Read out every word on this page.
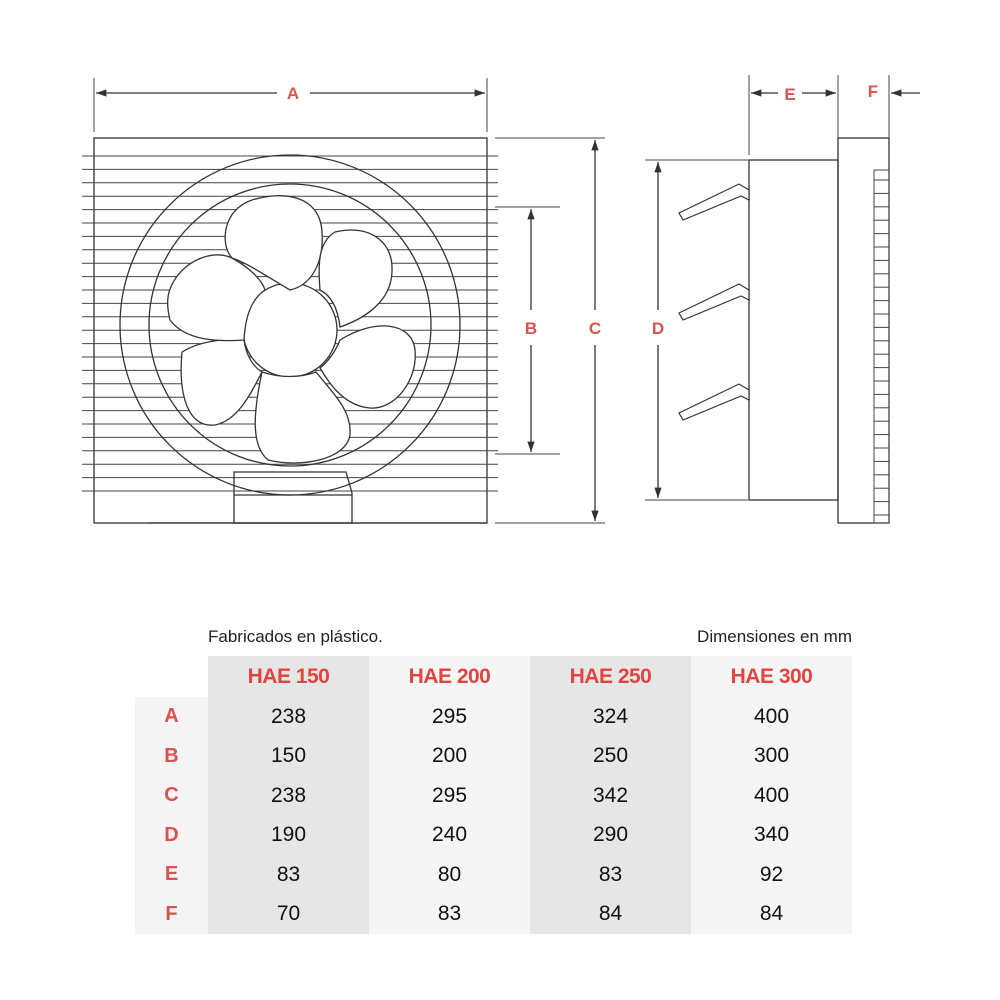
A
B	C	D
E	F
Fabricados en plástico.	Dimensiones en mm
	HAE 150	HAE 200	HAE 250	HAE 300
A	238	295	324	400
B	150	200	250	300
C	238	295	342	400
D	190	240	290	340
E	83	80	83	92
F	70	83	84	84
